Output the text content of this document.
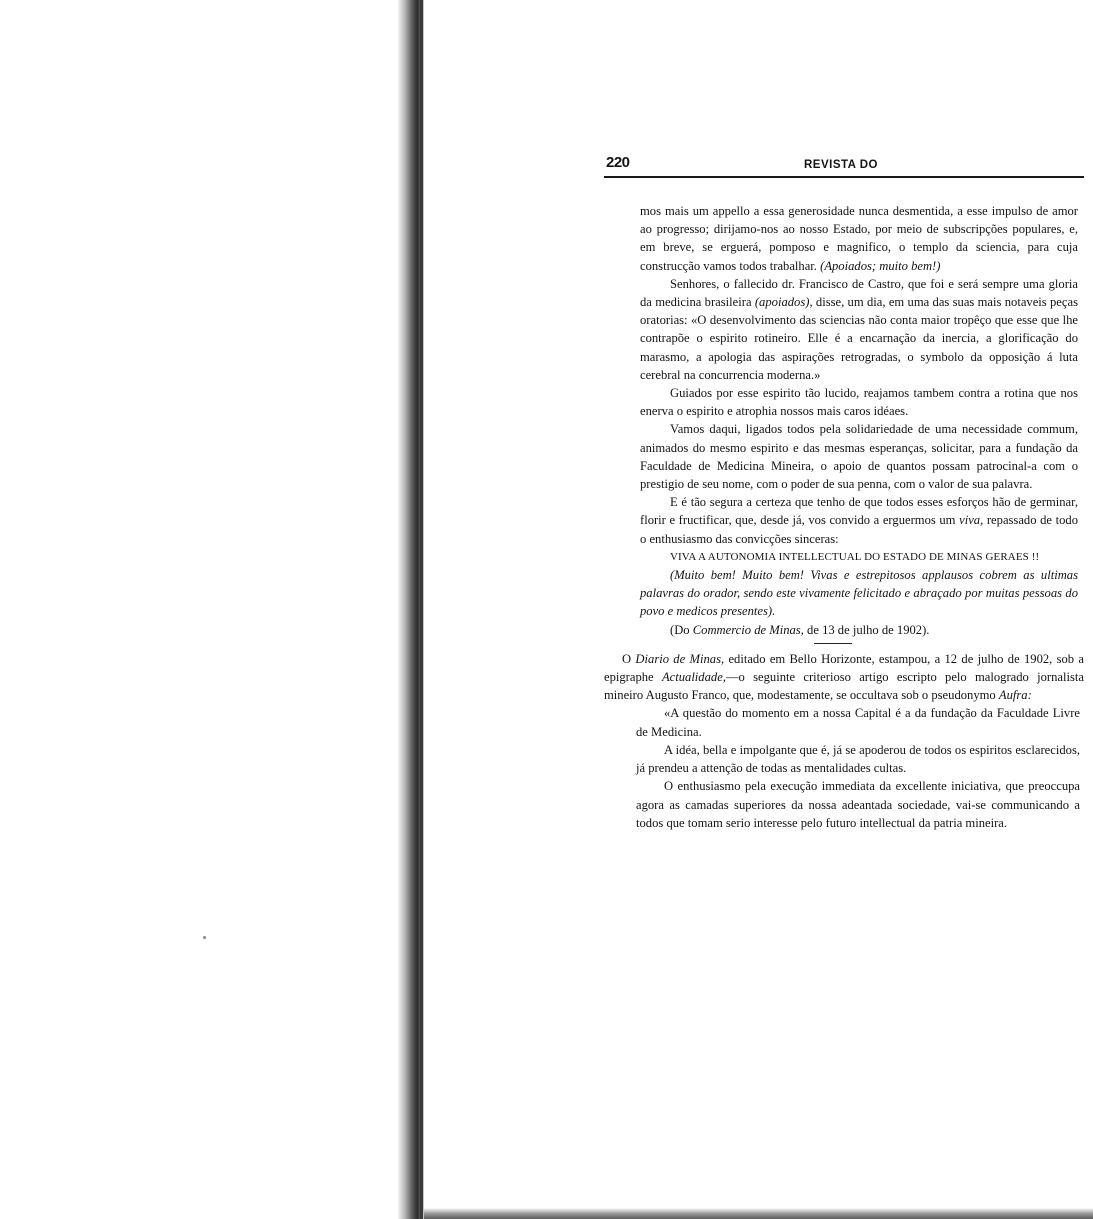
220	REVISTA DO

mos mais um appello a essa generosidade nunca desmentida, a esse impulso de amor ao progresso; dirijamo-nos ao nosso Estado, por meio de subscripções populares, e, em breve, se erguerá, pomposo e magnifico, o templo da sciencia, para cuja construcção vamos todos trabalhar. (Apoiados; muito bem!)

Senhores, o fallecido dr. Francisco de Castro, que foi e será sempre uma gloria da medicina brasileira (apoiados), disse, um dia, em uma das suas mais notaveis peças oratorias: «O desenvolvimento das sciencias não conta maior tropêço que esse que lhe contrapõe o espirito rotineiro. Elle é a encarnação da inercia, a glorificação do marasmo, a apologia das aspirações retrogradas, o symbolo da opposição á luta cerebral na concurrencia moderna.»

Guiados por esse espirito tão lucido, reajamos tambem contra a rotina que nos enerva o espirito e atrophia nossos mais caros idéaes.

Vamos daqui, ligados todos pela solidariedade de uma necessidade commum, animados do mesmo espirito e das mesmas esperanças, solicitar, para a fundação da Faculdade de Medicina Mineira, o apoio de quantos possam patrocinal-a com o prestigio de seu nome, com o poder de sua penna, com o valor de sua palavra.

E é tão segura a certeza que tenho de que todos esses esforços hão de germinar, florir e fructificar, que, desde já, vos convido a erguermos um viva, repassado de todo o enthusiasmo das convicções sinceras:

VIVA A AUTONOMIA INTELLECTUAL DO ESTADO DE MINAS GERAES !!

(Muito bem! Muito bem! Vivas e estrepitosos applausos cobrem as ultimas palavras do orador, sendo este vivamente felicitado e abraçado por muitas pessoas do povo e medicos presentes).

(Do Commercio de Minas, de 13 de julho de 1902).

O Diario de Minas, editado em Bello Horizonte, estampou, a 12 de julho de 1902, sob a epigraphe Actualidade,—o seguinte criterioso artigo escripto pelo malogrado jornalista mineiro Augusto Franco, que, modestamente, se occultava sob o pseudonymo Aufra:

«A questão do momento em a nossa Capital é a da fundação da Faculdade Livre de Medicina.

A idéa, bella e impolgante que é, já se apoderou de todos os espiritos esclarecidos, já prendeu a attenção de todas as mentalidades cultas.

O enthusiasmo pela execução immediata da excellente iniciativa, que preoccupa agora as camadas superiores da nossa adeantada sociedade, vai-se communicando a todos que tomam serio interesse pelo futuro intellectual da patria mineira.
